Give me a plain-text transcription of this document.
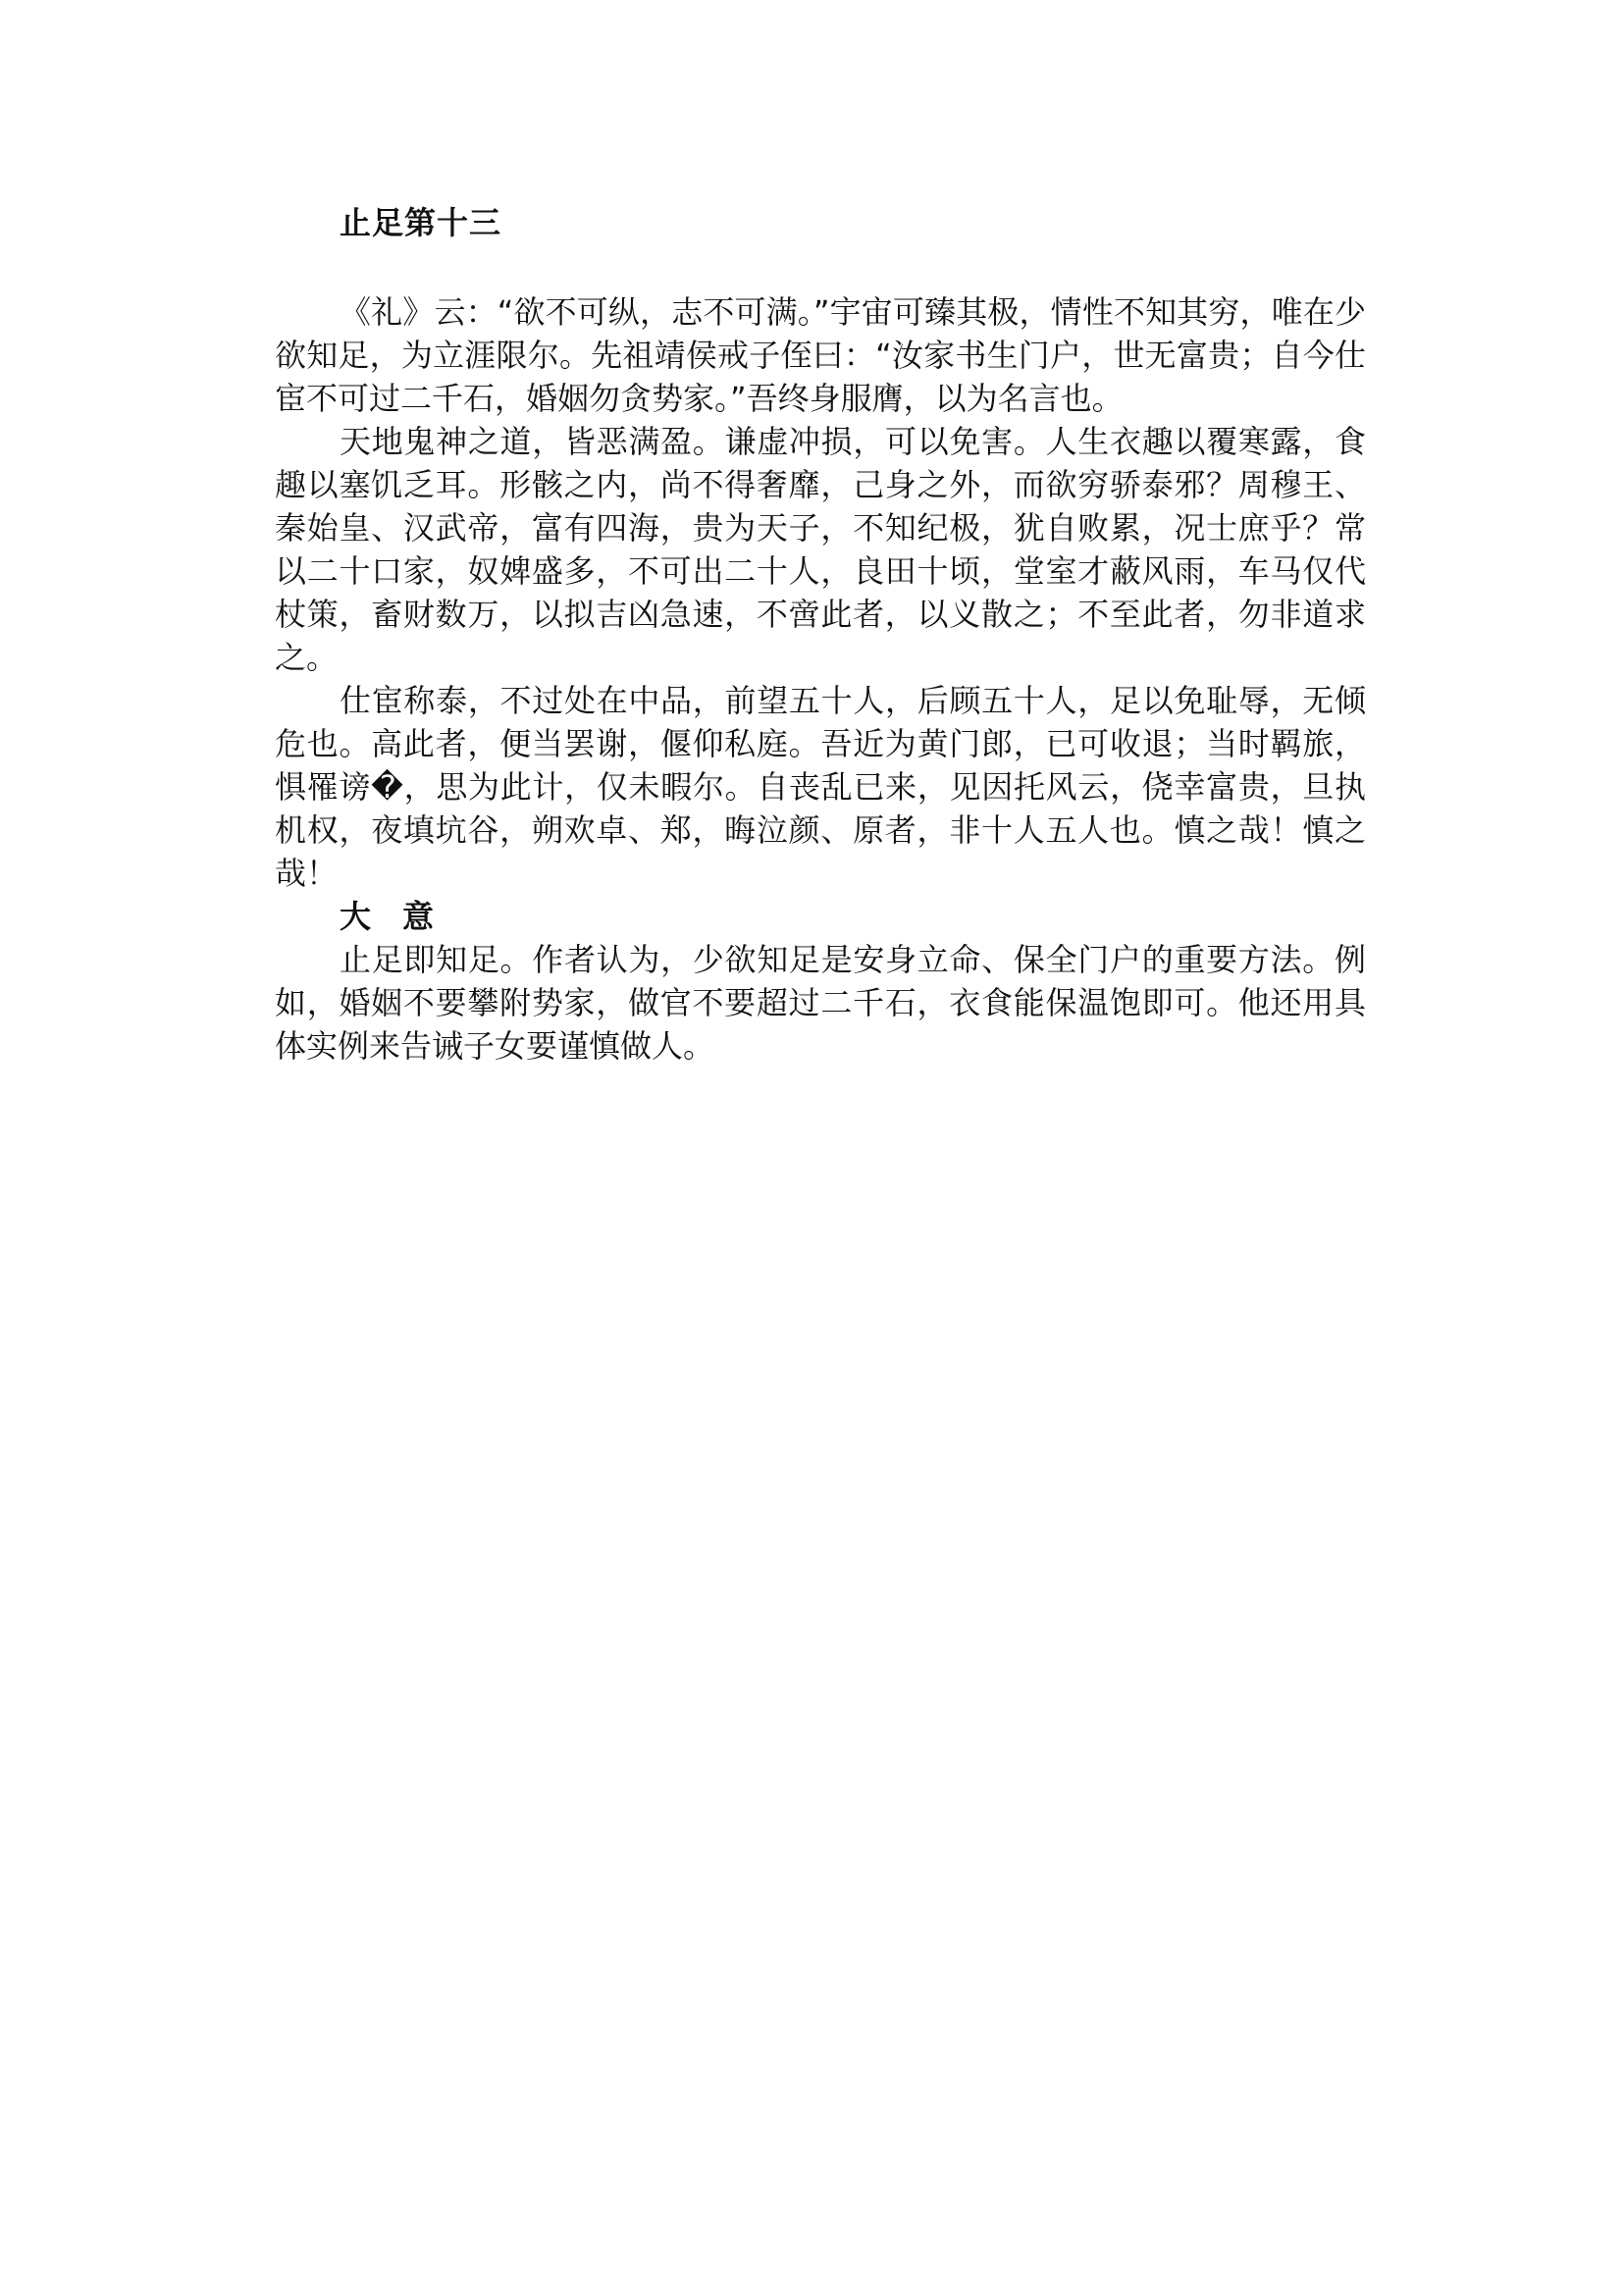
止足第十三

《礼》云：“欲不可纵，志不可满。”宇宙可臻其极，情性不知其穷，唯在少欲知足，为立涯限尔。先祖靖侯戒子侄曰：“汝家书生门户，世无富贵；自今仕宦不可过二千石，婚姻勿贪势家。”吾终身服膺，以为名言也。

天地鬼神之道，皆恶满盈。谦虚冲损，可以免害。人生衣趣以覆寒露，食趣以塞饥乏耳。形骸之内，尚不得奢靡，己身之外，而欲穷骄泰邪？周穆王、秦始皇、汉武帝，富有四海，贵为天子，不知纪极，犹自败累，况士庶乎？常以二十口家，奴婢盛多，不可出二十人，良田十顷，堂室才蔽风雨，车马仅代杖策，畜财数万，以拟吉凶急速，不啻此者，以义散之；不至此者，勿非道求之。

仕宦称泰，不过处在中品，前望五十人，后顾五十人，足以免耻辱，无倾危也。高此者，便当罢谢，偃仰私庭。吾近为黄门郎，已可收退；当时羁旅，惧罹谤�，思为此计，仅未暇尔。自丧乱已来，见因托风云，侥幸富贵，旦执机权，夜填坑谷，朔欢卓、郑，晦泣颜、原者，非十人五人也。慎之哉！慎之哉！

大　意

止足即知足。作者认为，少欲知足是安身立命、保全门户的重要方法。例如，婚姻不要攀附势家，做官不要超过二千石，衣食能保温饱即可。他还用具体实例来告诫子女要谨慎做人。
